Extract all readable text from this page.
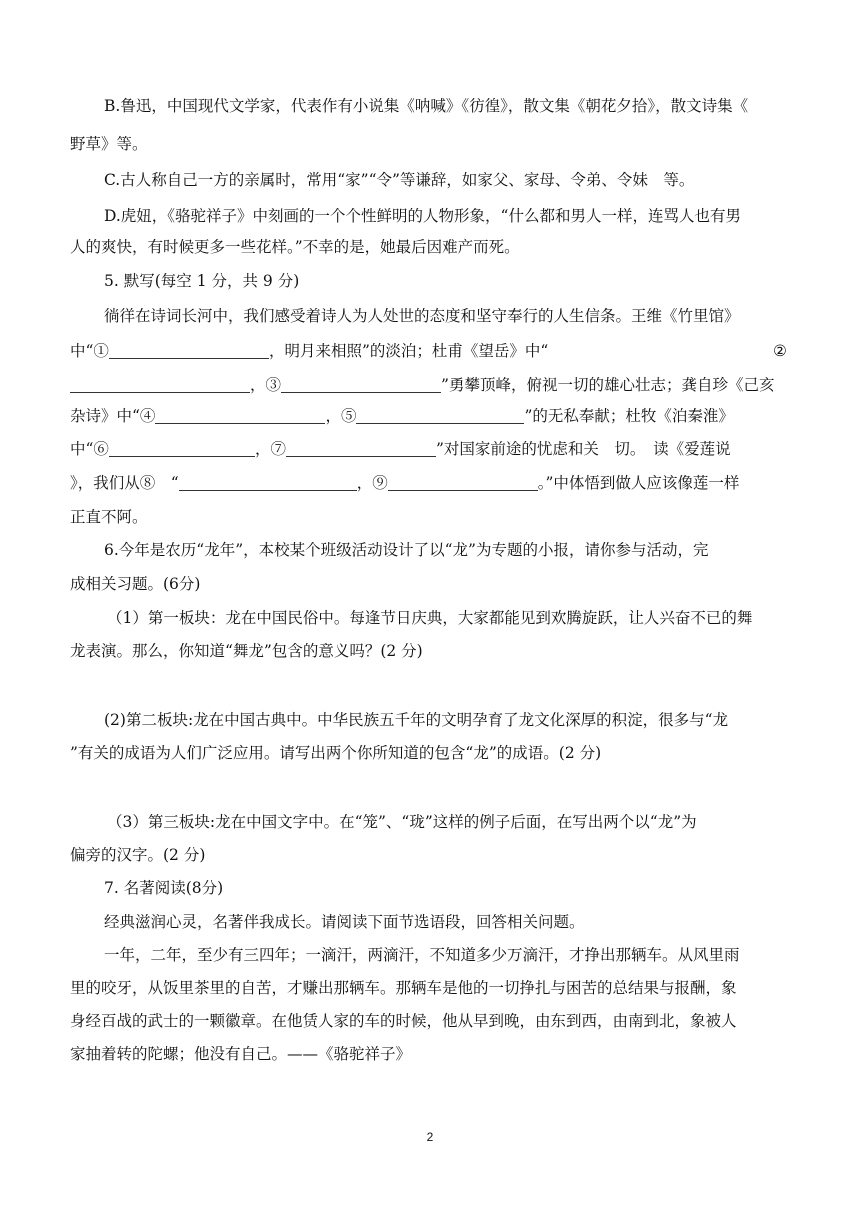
B.鲁迅，中国现代文学家，代表作有小说集《呐喊》《彷徨》，散文集《朝花夕拾》，散文诗集《
野草》等。
C.古人称自己一方的亲属时，常用“家”“令”等谦辞，如家父、家母、令弟、令妹　等。
D.虎妞，《骆驼祥子》中刻画的一个个性鲜明的人物形象，“什么都和男人一样，连骂人也有男
人的爽快，有时候更多一些花样。”不幸的是，她最后因难产而死。
5. 默写(每空 1 分，共 9 分)
徜徉在诗词长河中，我们感受着诗人为人处世的态度和坚守奉行的人生信条。王维《竹里馆》
中“①	，明月来相照”的淡泊；杜甫《望岳》中“	②
，③	”勇攀顶峰，俯视一切的雄心壮志；龚自珍《己亥
杂诗》中“④	，⑤	”的无私奉献；杜牧《泊秦淮》
中“⑥	，⑦	”对国家前途的忧虑和关　切。　读《爱莲说
》，我们从⑧　“	，⑨	。”中体悟到做人应该像莲一样
正直不阿。
6.今年是农历“龙年”，本校某个班级活动设计了以“龙”为专题的小报，请你参与活动，完
成相关习题。(6分)
（1）第一板块：龙在中国民俗中。每逢节日庆典，大家都能见到欢腾旋跃，让人兴奋不已的舞
龙表演。那么，你知道“舞龙”包含的意义吗？(2 分)
(2)第二板块:龙在中国古典中。中华民族五千年的文明孕育了龙文化深厚的积淀，很多与“龙
”有关的成语为人们广泛应用。请写出两个你所知道的包含“龙”的成语。(2 分)
（3）第三板块:龙在中国文字中。在“笼”、“珑”这样的例子后面，在写出两个以“龙”为
偏旁的汉字。(2 分)
7. 名著阅读(8分)
经典滋润心灵，名著伴我成长。请阅读下面节选语段，回答相关问题。
一年，二年，至少有三四年；一滴汗，两滴汗，不知道多少万滴汗，才挣出那辆车。从风里雨
里的咬牙，从饭里茶里的自苦，才赚出那辆车。那辆车是他的一切挣扎与困苦的总结果与报酬，象
身经百战的武士的一颗徽章。在他赁人家的车的时候，他从早到晚，由东到西，由南到北，象被人
家抽着转的陀螺；他没有自己。——《骆驼祥子》
2
